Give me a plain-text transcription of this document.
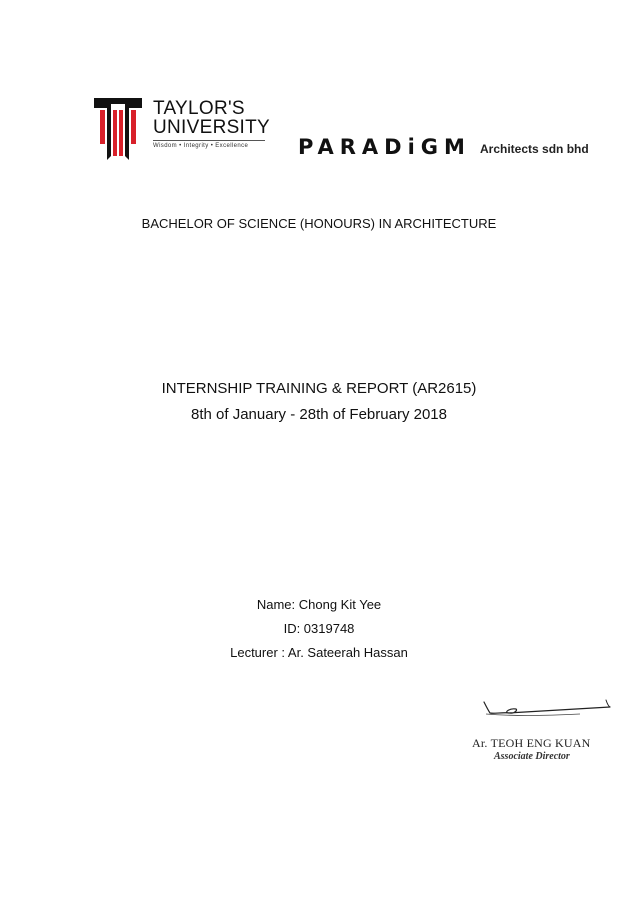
TAYLOR'S
UNIVERSITY
Wisdom • Integrity • Excellence PARADiGM Architects sdn bhd
BACHELOR OF SCIENCE (HONOURS) IN ARCHITECTURE
INTERNSHIP TRAINING & REPORT (AR2615)
8th of January - 28th of February 2018
Name: Chong Kit Yee
ID: 0319748
Lecturer : Ar. Sateerah Hassan
Ar. TEOH ENG KUAN
Associate Director
